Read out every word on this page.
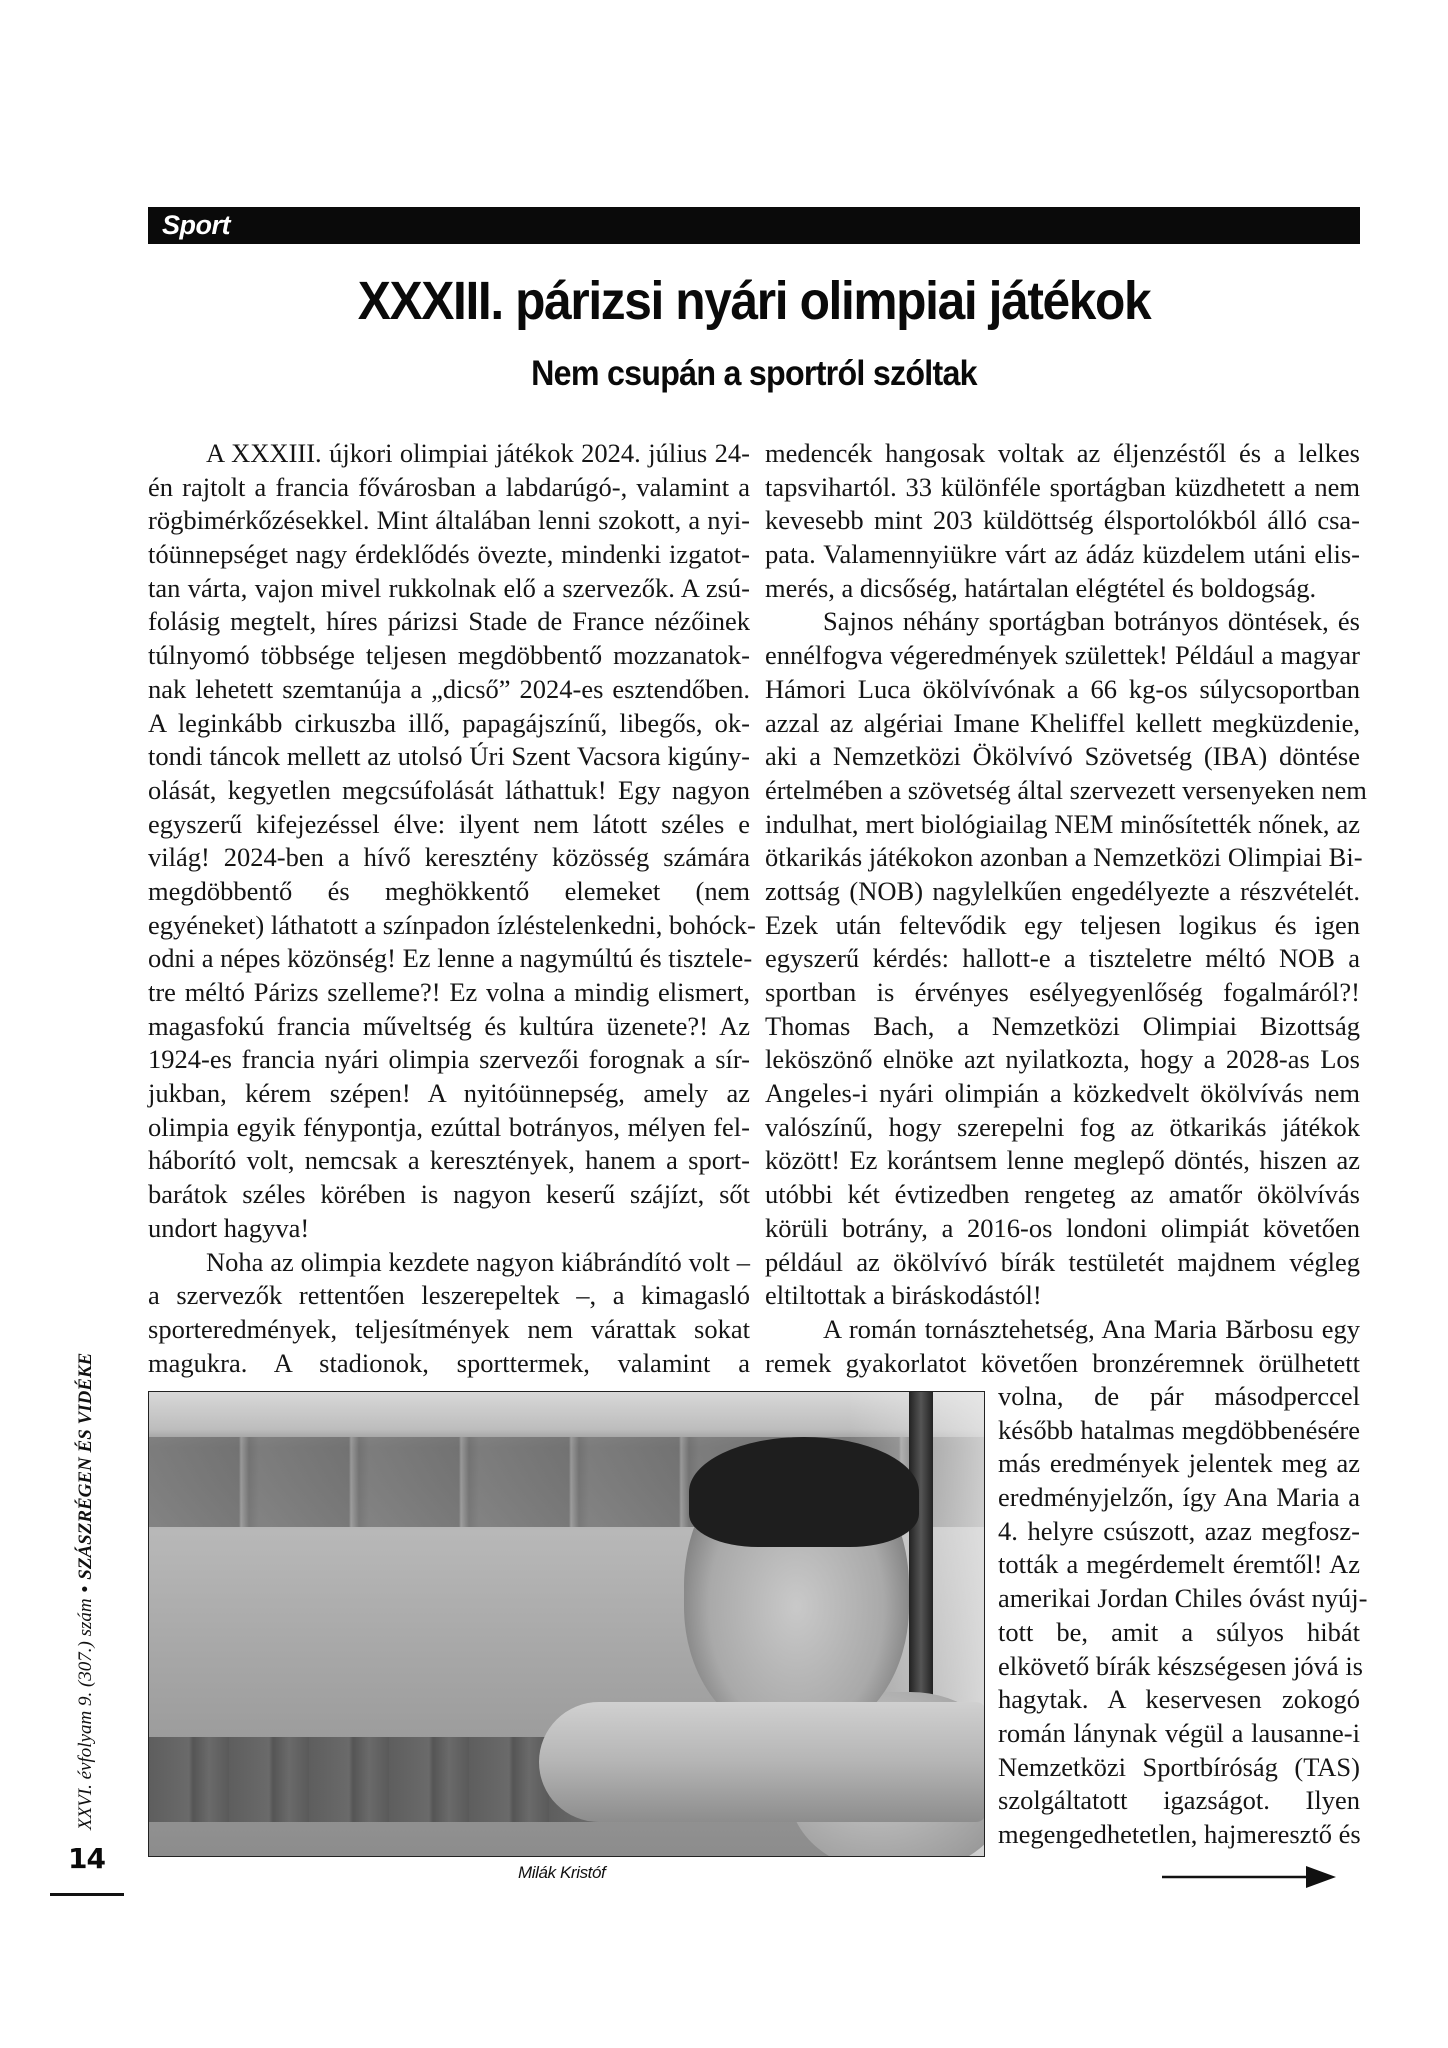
Sport
XXXIII. párizsi nyári olimpiai játékok
Nem csupán a sportról szóltak
A XXXIII. újkori olimpiai játékok 2024. július 24-
én rajtolt a francia fővárosban a labdarúgó-, valamint a
rögbimérkőzésekkel. Mint általában lenni szokott, a nyi-
tóünnepséget nagy érdeklődés övezte, mindenki izgatot-
tan várta, vajon mivel rukkolnak elő a szervezők. A zsú-
folásig megtelt, híres párizsi Stade de France nézőinek
túlnyomó többsége teljesen megdöbbentő mozzanatok-
nak lehetett szemtanúja a „dicső” 2024-es esztendőben.
A leginkább cirkuszba illő, papagájszínű, libegős, ok-
tondi táncok mellett az utolsó Úri Szent Vacsora kigúny-
olását, kegyetlen megcsúfolását láthattuk! Egy nagyon
egyszerű kifejezéssel élve: ilyent nem látott széles e
világ! 2024-ben a hívő keresztény közösség számára
megdöbbentő és meghökkentő elemeket (nem
egyéneket) láthatott a színpadon ízléstelenkedni, bohóck-
odni a népes közönség! Ez lenne a nagymúltú és tisztele-
tre méltó Párizs szelleme?! Ez volna a mindig elismert,
magasfokú francia műveltség és kultúra üzenete?! Az
1924-es francia nyári olimpia szervezői forognak a sír-
jukban, kérem szépen! A nyitóünnepség, amely az
olimpia egyik fénypontja, ezúttal botrányos, mélyen fel-
háborító volt, nemcsak a keresztények, hanem a sport-
barátok széles körében is nagyon keserű szájízt, sőt
undort hagyva!
Noha az olimpia kezdete nagyon kiábrándító volt –
a szervezők rettentően leszerepeltek –, a kimagasló
sporteredmények, teljesítmények nem várattak sokat
magukra. A stadionok, sporttermek, valamint a
medencék hangosak voltak az éljenzéstől és a lelkes
tapsvihartól. 33 különféle sportágban küzdhetett a nem
kevesebb mint 203 küldöttség élsportolókból álló csa-
pata. Valamennyiükre várt az ádáz küzdelem utáni elis-
merés, a dicsőség, határtalan elégtétel és boldogság.
Sajnos néhány sportágban botrányos döntések, és
ennélfogva végeredmények születtek! Például a magyar
Hámori Luca ökölvívónak a 66 kg-os súlycsoportban
azzal az algériai Imane Kheliffel kellett megküzdenie,
aki a Nemzetközi Ökölvívó Szövetség (IBA) döntése
értelmében a szövetség által szervezett versenyeken nem
indulhat, mert biológiailag NEM minősítették nőnek, az
ötkarikás játékokon azonban a Nemzetközi Olimpiai Bi-
zottság (NOB) nagylelkűen engedélyezte a részvételét.
Ezek után feltevődik egy teljesen logikus és igen
egyszerű kérdés: hallott-e a tiszteletre méltó NOB a
sportban is érvényes esélyegyenlőség fogalmáról?!
Thomas Bach, a Nemzetközi Olimpiai Bizottság
leköszönő elnöke azt nyilatkozta, hogy a 2028-as Los
Angeles-i nyári olimpián a közkedvelt ökölvívás nem
valószínű, hogy szerepelni fog az ötkarikás játékok
között! Ez korántsem lenne meglepő döntés, hiszen az
utóbbi két évtizedben rengeteg az amatőr ökölvívás
körüli botrány, a 2016-os londoni olimpiát követően
például az ökölvívó bírák testületét majdnem végleg
eltiltottak a biráskodástól!
A román tornásztehetség, Ana Maria Bărbosu egy
remek gyakorlatot követően bronzéremnek örülhetett
volna, de pár másodperccel
később hatalmas megdöbbenésére
más eredmények jelentek meg az
eredményjelzőn, így Ana Maria a
4. helyre csúszott, azaz megfosz-
tották a megérdemelt éremtől! Az
amerikai Jordan Chiles óvást nyúj-
tott be, amit a súlyos hibát
elkövető bírák készségesen jóvá is
hagytak. A keservesen zokogó
román lánynak végül a lausanne-i
Nemzetközi Sportbíróság (TAS)
szolgáltatott igazságot. Ilyen
megengedhetetlen, hajmeresztő és
Milák Kristóf
XXVI. évfolyam 9. (307.) szám•SZÁSZRÉGEN ÉS VIDÉKE
14
